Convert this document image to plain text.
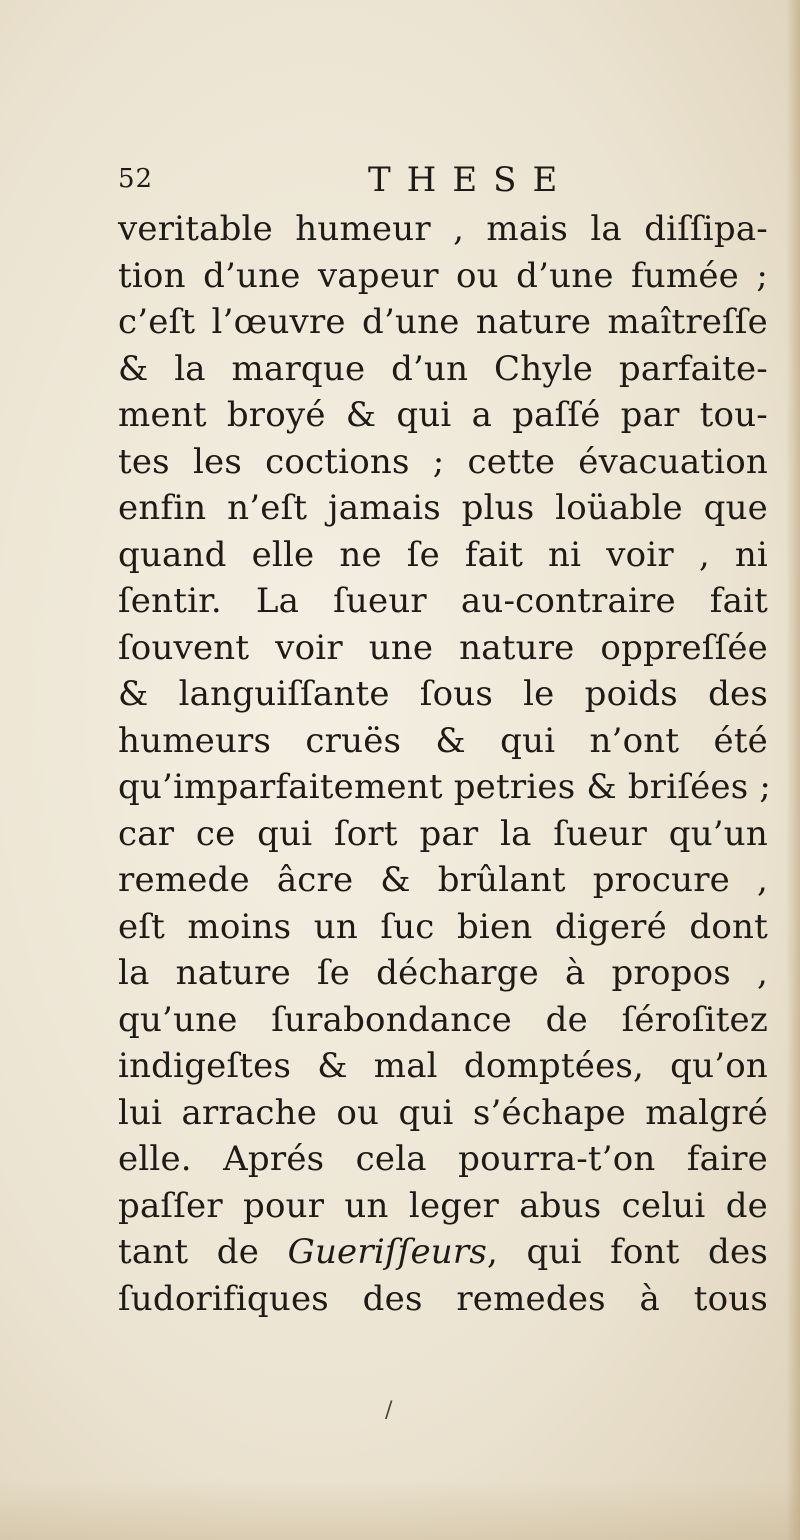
52	THESE
veritable humeur , mais la diſſipa-
tion d’une vapeur ou d’une fumée ;
c’eſt l’œuvre d’une nature maîtreſſe
& la marque d’un Chyle parfaite-
ment broyé & qui a paſſé par tou-
tes les coctions ; cette évacuation
enfin n’eſt jamais plus loüable que
quand elle ne ſe fait ni voir , ni
ſentir. La ſueur au-contraire fait
ſouvent voir une nature oppreſſée
& languiſſante ſous le poids des
humeurs cruës & qui n’ont été
qu’imparfaitement petries & briſées ;
car ce qui ſort par la ſueur qu’un
remede âcre & brûlant procure ,
eſt moins un ſuc bien digeré dont
la nature ſe décharge à propos ,
qu’une ſurabondance de ſéroſitez
indigeſtes & mal domptées, qu’on
lui arrache ou qui s’échape malgré
elle. Aprés cela pourra-t’on faire
paſſer pour un leger abus celui de
tant de Gueriſſeurs, qui font des
ſudorifiques des remedes à tous
/
